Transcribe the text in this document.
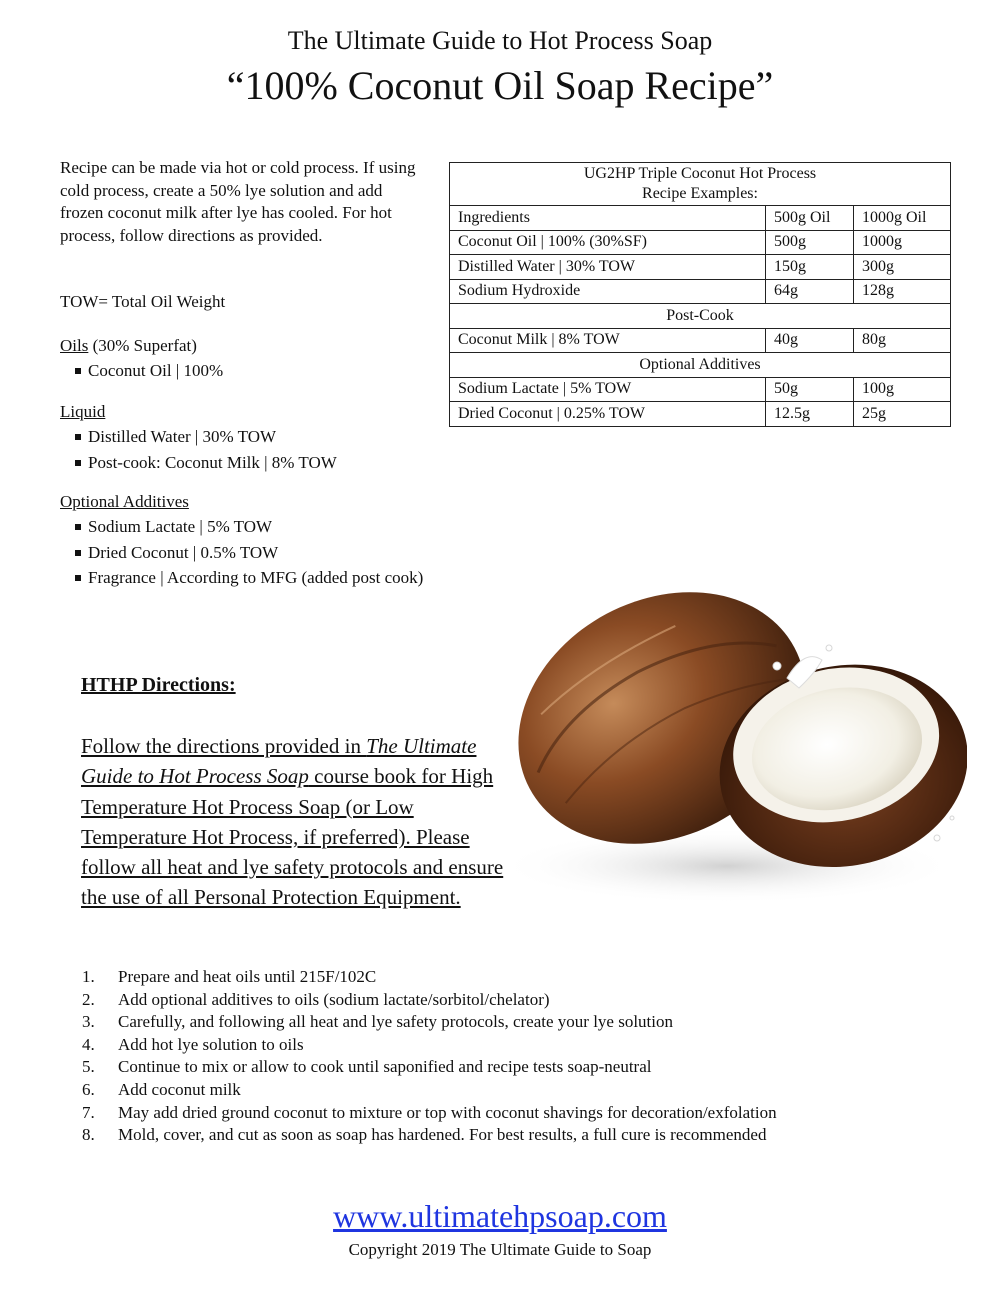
The Ultimate Guide to Hot Process Soap
“100% Coconut Oil Soap Recipe”
Recipe can be made via hot or cold process. If using cold process, create a 50% lye solution and add frozen coconut milk after lye has cooled. For hot process, follow directions as provided.
TOW= Total Oil Weight
Oils (30% Superfat)
Coconut Oil | 100%
Liquid
Distilled Water | 30% TOW
Post-cook: Coconut Milk | 8% TOW
Optional Additives
Sodium Lactate | 5% TOW
Dried Coconut | 0.5% TOW
Fragrance | According to MFG (added post cook)
UG2HP Triple Coconut Hot Process
Recipe Examples:		
Ingredients	500g Oil	1000g Oil
Coconut Oil | 100% (30%SF)	500g	1000g
Distilled Water | 30% TOW	150g	300g
Sodium Hydroxide	64g	128g
Post-Cook		
Coconut Milk | 8% TOW	40g	80g
Optional Additives		
Sodium Lactate | 5% TOW	50g	100g
Dried Coconut | 0.25% TOW	12.5g	25g
HTHP Directions:
Follow the directions provided in The Ultimate Guide to Hot Process Soap course book for High Temperature Hot Process Soap (or Low Temperature Hot Process, if preferred). Please follow all heat and lye safety protocols and ensure the use of all Personal Protection Equipment.
1. Prepare and heat oils until 215F/102C
2. Add optional additives to oils (sodium lactate/sorbitol/chelator)
3. Carefully, and following all heat and lye safety protocols, create your lye solution
4. Add hot lye solution to oils
5. Continue to mix or allow to cook until saponified and recipe tests soap-neutral
6. Add coconut milk
7. May add dried ground coconut to mixture or top with coconut shavings for decoration/exfolation
8. Mold, cover, and cut as soon as soap has hardened. For best results, a full cure is recommended
www.ultimatehpsoap.com
Copyright 2019 The Ultimate Guide to Soap
